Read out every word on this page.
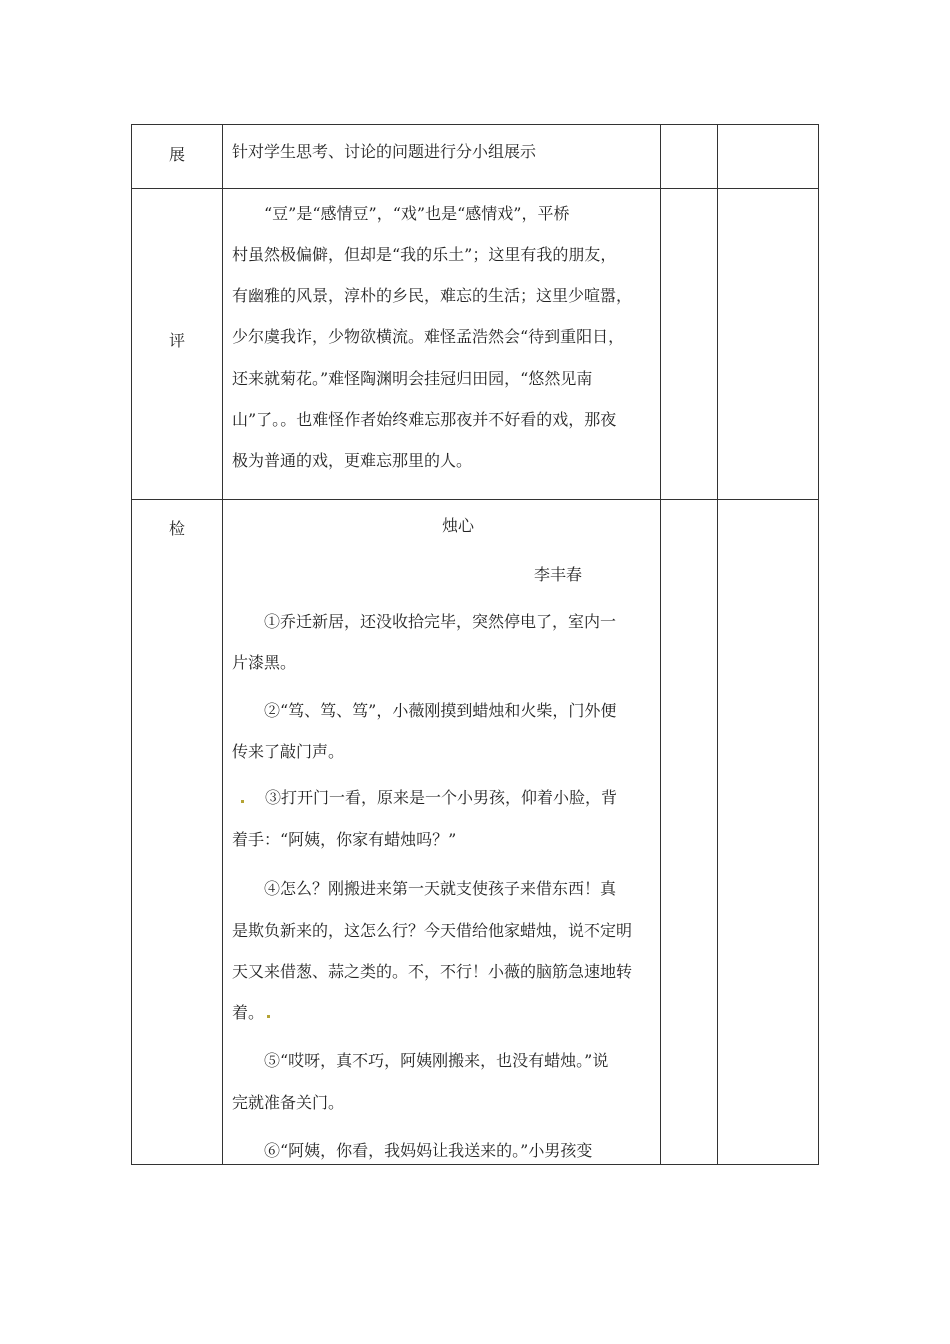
展	针对学生思考、讨论的问题进行分小组展示
评
“豆”是“感情豆”，“戏”也是“感情戏”，平桥
村虽然极偏僻，但却是“我的乐土”；这里有我的朋友，
有幽雅的风景，淳朴的乡民，难忘的生活；这里少喧嚣，
少尔虞我诈，少物欲横流。难怪孟浩然会“待到重阳日，
还来就菊花。”难怪陶渊明会挂冠归田园，“悠然见南
山”了。。也难怪作者始终难忘那夜并不好看的戏，那夜
极为普通的戏，更难忘那里的人。
检	烛心
李丰春
①乔迁新居，还没收拾完毕，突然停电了，室内一
片漆黑。
②“笃、笃、笃”，小薇刚摸到蜡烛和火柴，门外便
传来了敲门声。
③打开门一看，原来是一个小男孩，仰着小脸，背
着手：“阿姨，你家有蜡烛吗？”
④怎么？刚搬进来第一天就支使孩子来借东西！真
是欺负新来的，这怎么行？今天借给他家蜡烛，说不定明
天又来借葱、蒜之类的。不，不行！小薇的脑筋急速地转
着。
⑤“哎呀，真不巧，阿姨刚搬来，也没有蜡烛。”说
完就准备关门。
⑥“阿姨，你看，我妈妈让我送来的。”小男孩变
